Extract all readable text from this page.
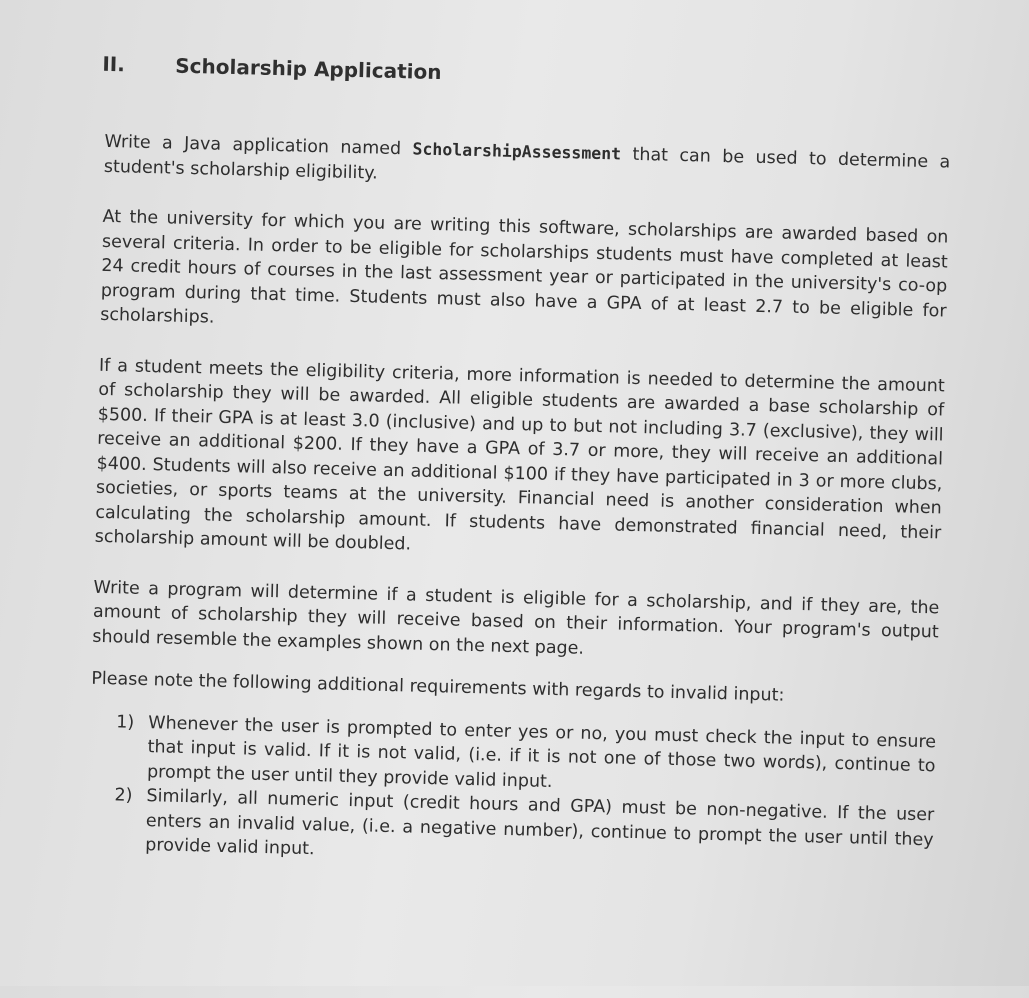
II. Scholarship Application

Write a Java application named ScholarshipAssessment that can be used to determine a student's scholarship eligibility.

At the university for which you are writing this software, scholarships are awarded based on several criteria. In order to be eligible for scholarships students must have completed at least 24 credit hours of courses in the last assessment year or participated in the university's co-op program during that time. Students must also have a GPA of at least 2.7 to be eligible for scholarships.

If a student meets the eligibility criteria, more information is needed to determine the amount of scholarship they will be awarded. All eligible students are awarded a base scholarship of $500. If their GPA is at least 3.0 (inclusive) and up to but not including 3.7 (exclusive), they will receive an additional $200. If they have a GPA of 3.7 or more, they will receive an additional $400. Students will also receive an additional $100 if they have participated in 3 or more clubs, societies, or sports teams at the university. Financial need is another consideration when calculating the scholarship amount. If students have demonstrated financial need, their scholarship amount will be doubled.

Write a program will determine if a student is eligible for a scholarship, and if they are, the amount of scholarship they will receive based on their information. Your program's output should resemble the examples shown on the next page.

Please note the following additional requirements with regards to invalid input:

1) Whenever the user is prompted to enter yes or no, you must check the input to ensure that input is valid. If it is not valid, (i.e. if it is not one of those two words), continue to prompt the user until they provide valid input.
2) Similarly, all numeric input (credit hours and GPA) must be non-negative. If the user enters an invalid value, (i.e. a negative number), continue to prompt the user until they provide valid input.
